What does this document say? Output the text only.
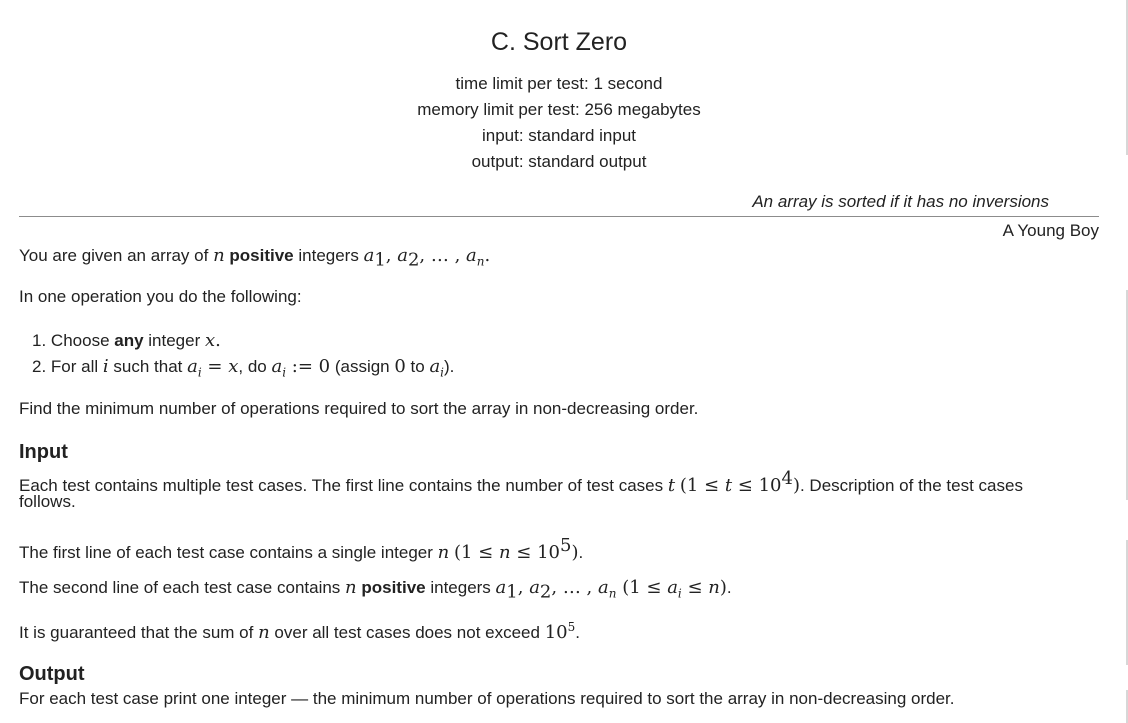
C. Sort Zero
time limit per test: 1 second
memory limit per test: 256 megabytes
input: standard input
output: standard output
An array is sorted if it has no inversions
A Young Boy
You are given an array of n positive integers $a_1$, $a_2$, … , $a_n$.
In one operation you do the following:
1. Choose any integer x.
2. For all i such that $a_i = x$, do $a_i$ := 0 (assign 0 to $a_i$).
Find the minimum number of operations required to sort the array in non-decreasing order.
Input
Each test contains multiple test cases. The first line contains the number of test cases t $(1 \le t \le 10^4)$. Description of the test cases
follows.
The first line of each test case contains a single integer n $(1 \le n \le 10^5)$.
The second line of each test case contains n positive integers $a_1$, $a_2$, … , $a_n$ $(1 \le a_i \le n)$.
It is guaranteed that the sum of n over all test cases does not exceed $10^5$.
Output
For each test case print one integer — the minimum number of operations required to sort the array in non-decreasing order.
